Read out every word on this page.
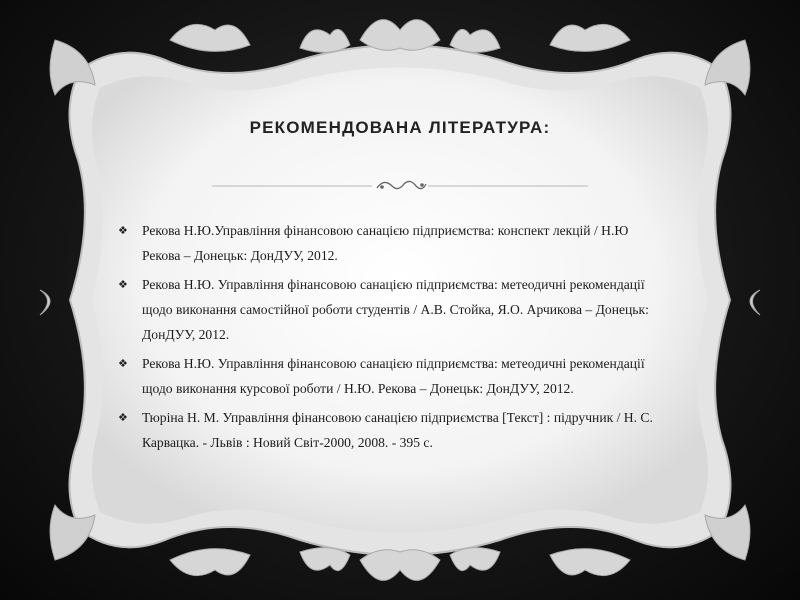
РЕКОМЕНДОВАНА ЛІТЕРАТУРА:
❖ Рекова Н.Ю.Управління фінансовою санацією підприємства: конспект лекцій / Н.Ю Рекова – Донецьк: ДонДУУ, 2012.
❖ Рекова Н.Ю. Управління фінансовою санацією підприємства: метеодичні рекомендації щодо виконання самостійної роботи студентів / А.В. Стойка, Я.О. Арчикова – Донецьк: ДонДУУ, 2012.
❖ Рекова Н.Ю. Управління фінансовою санацією підприємства: метеодичні рекомендації щодо виконання курсової роботи / Н.Ю. Рекова – Донецьк: ДонДУУ, 2012.
❖ Тюріна Н. М. Управління фінансовою санацією підприємства [Текст] : підручник / Н. С. Карвацка. - Львів : Новий Світ-2000, 2008. - 395 с.
